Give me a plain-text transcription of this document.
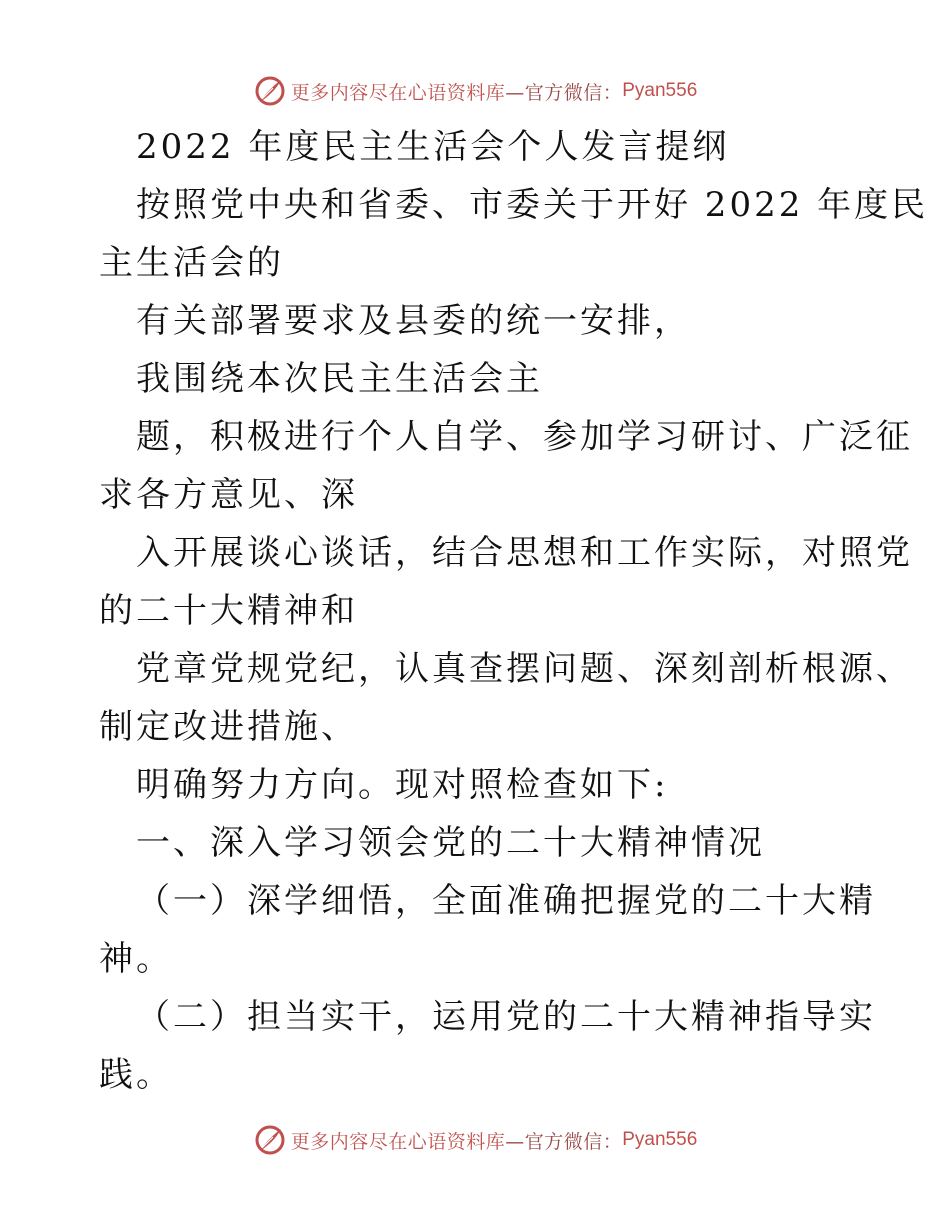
更多内容尽在心语资料库 —官方微信： Pyan556
2022 年度民主生活会个人发言提纲
按照党中央和省委、市委关于开好 2022 年度民
主生活会的
有关部署要求及县委的统一安排，
我围绕本次民主生活会主
题，积极进行个人自学、参加学习研讨、广泛征
求各方意见、深
入开展谈心谈话，结合思想和工作实际，对照党
的二十大精神和
党章党规党纪，认真查摆问题、深刻剖析根源、
制定改进措施、
明确努力方向。现对照检查如下:
一、深入学习领会党的二十大精神情况
（一）深学细悟，全面准确把握党的二十大精
神。
（二）担当实干，运用党的二十大精神指导实
践。
更多内容尽在心语资料库 —官方微信： Pyan556
